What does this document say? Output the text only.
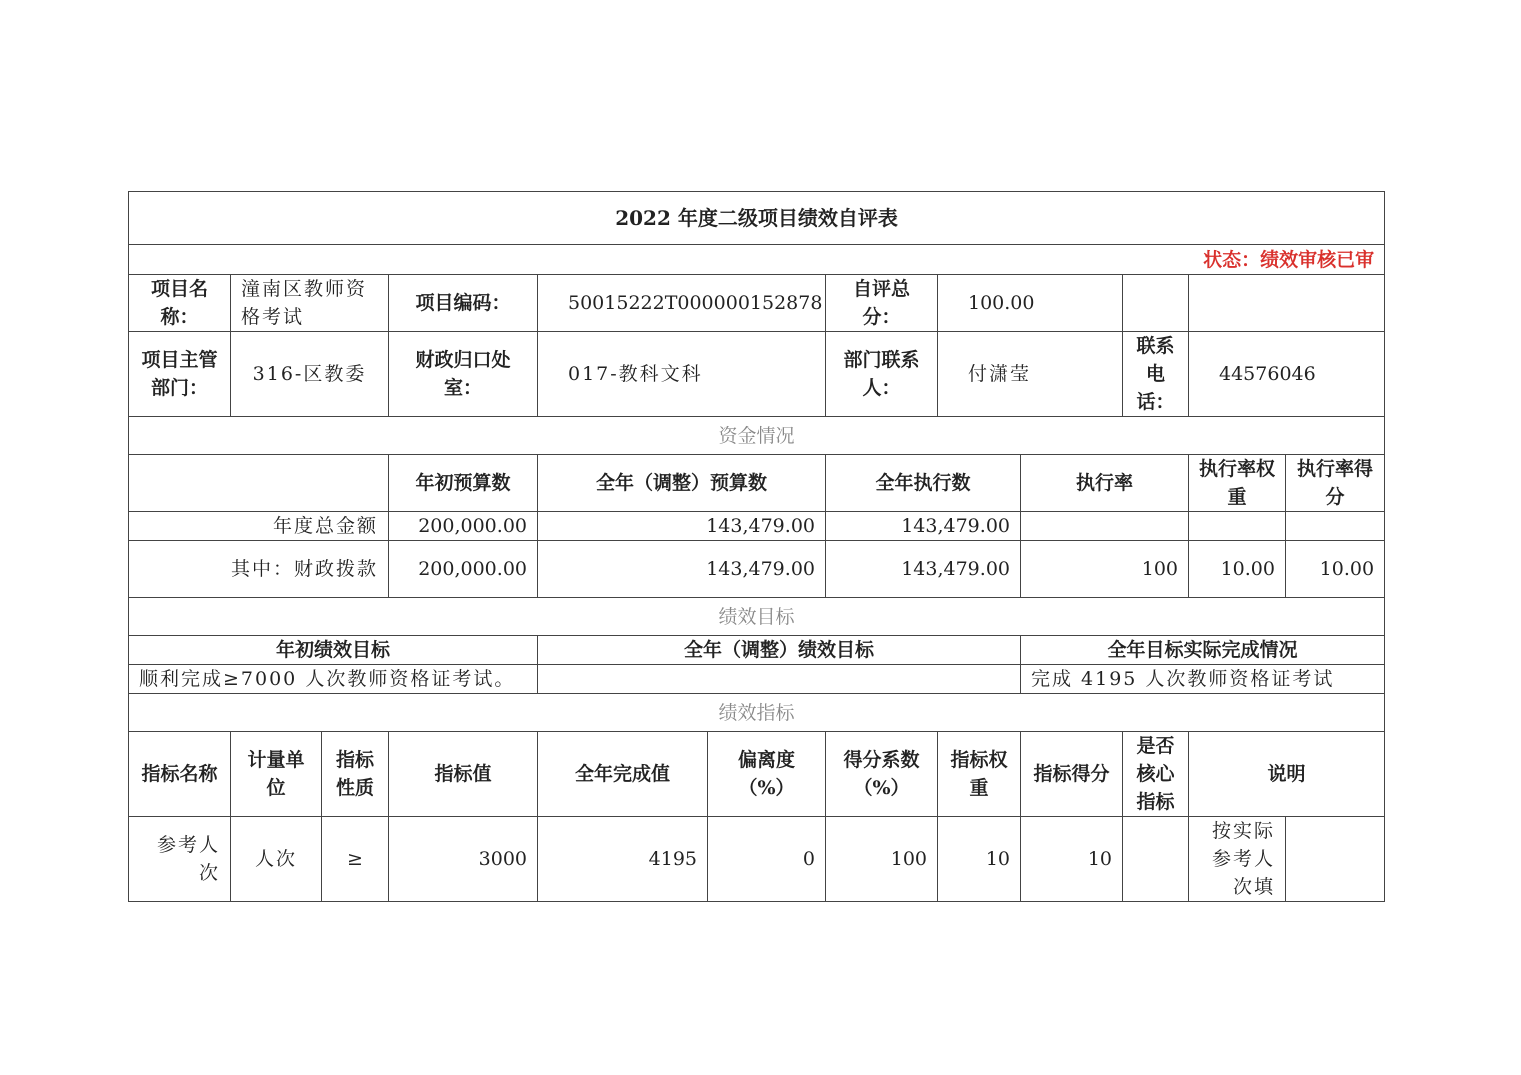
2022 年度二级项目绩效自评表											
状态：绩效审核已审											
项目名称：	潼南区教师资格考试		项目编码：	50015222T000000152878		自评总分：	100.00				
项目主管部门：	316-区教委		财政归口处室：	017-教科文科		部门联系人：	付潇莹		联系电话：	44576046	
资金情况											
			年初预算数	全年（调整）预算数		全年执行数		执行率		执行率权重	执行率得分
年度总金额			200,000.00	143,479.00		143,479.00					
其中：财政拨款			200,000.00	143,479.00		143,479.00		100		10.00	10.00
绩效目标											
年初绩效目标				全年（调整）绩效目标				全年目标实际完成情况			
顺利完成≥7000 人次教师资格证考试。								完成 4195 人次教师资格证考试			
绩效指标											
指标名称	计量单位	指标性质	指标值	全年完成值	偏离度（%）	得分系数（%）	指标权重	指标得分	是否核心指标	说明	
参考人次	人次	≥	3000	4195	0	100	10	10		按实际参考人次填	
